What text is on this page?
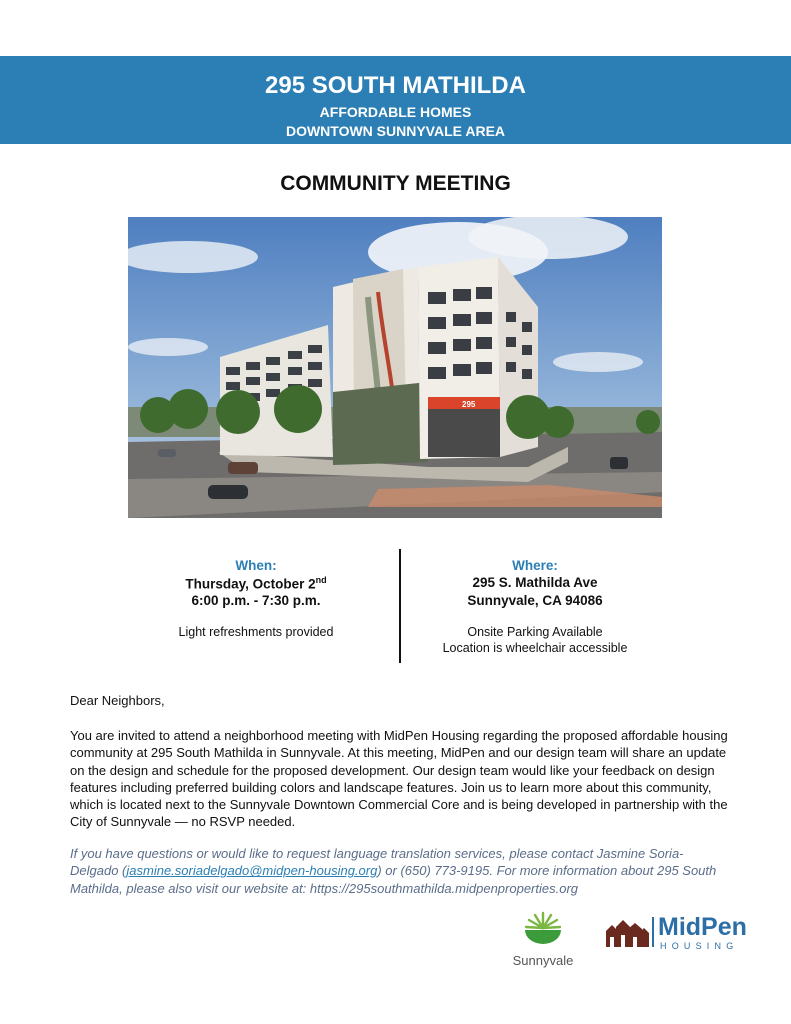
295 SOUTH MATHILDA
AFFORDABLE HOMES
DOWNTOWN SUNNYVALE AREA
COMMUNITY MEETING
295
When:
Thursday, October 2nd
6:00 p.m. - 7:30 p.m.
Light refreshments provided
Where:
295 S. Mathilda Ave
Sunnyvale, CA 94086
Onsite Parking Available
Location is wheelchair accessible
Dear Neighbors,
You are invited to attend a neighborhood meeting with MidPen Housing regarding the proposed affordable housing community at 295 South Mathilda in Sunnyvale. At this meeting, MidPen and our design team will share an update on the design and schedule for the proposed development. Our design team would like your feedback on design features including preferred building colors and landscape features. Join us to learn more about this community, which is located next to the Sunnyvale Downtown Commercial Core and is being developed in partnership with the City of Sunnyvale — no RSVP needed.
If you have questions or would like to request language translation services, please contact Jasmine Soria-Delgado (jasmine.soriadelgado@midpen-housing.org) or (650) 773-9195. For more information about 295 South Mathilda, please also visit our website at: https://295southmathilda.midpenproperties.org
Sunnyvale
MidPen
HOUSING
